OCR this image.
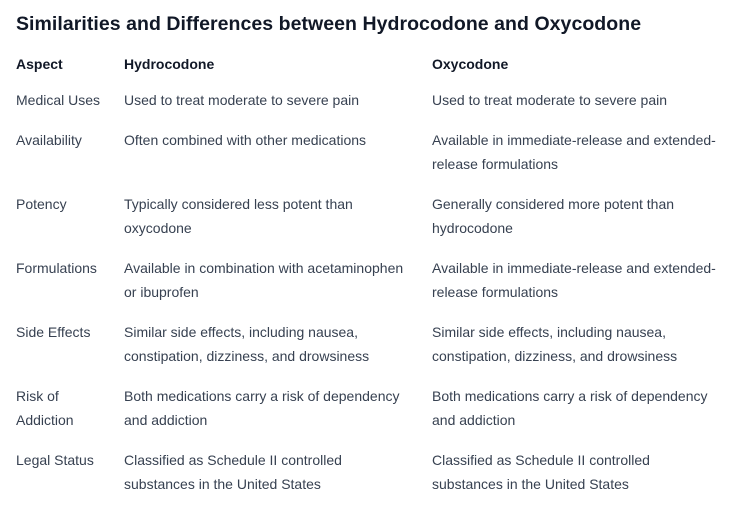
Similarities and Differences between Hydrocodone and Oxycodone
Aspect	Hydrocodone	Oxycodone
Medical Uses	Used to treat moderate to severe pain	Used to treat moderate to severe pain
Availability	Often combined with other medications	Available in immediate-release and extended-release formulations
Potency	Typically considered less potent than oxycodone	Generally considered more potent than hydrocodone
Formulations	Available in combination with acetaminophen or ibuprofen	Available in immediate-release and extended-release formulations
Side Effects	Similar side effects, including nausea, constipation, dizziness, and drowsiness	Similar side effects, including nausea, constipation, dizziness, and drowsiness
Risk of Addiction	Both medications carry a risk of dependency and addiction	Both medications carry a risk of dependency and addiction
Legal Status	Classified as Schedule II controlled substances in the United States	Classified as Schedule II controlled substances in the United States
